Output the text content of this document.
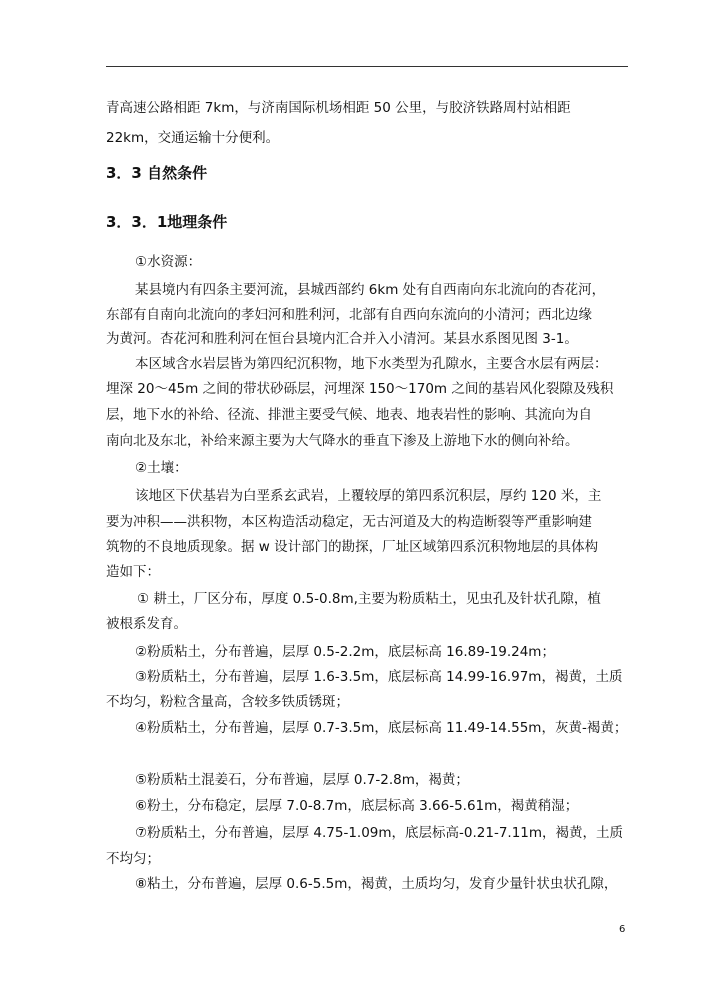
青高速公路相距 7km，与济南国际机场相距 50 公里，与胶济铁路周村站相距
22km，交通运输十分便利。
3．3 自然条件
3．3．1地理条件
①水资源：
某县境内有四条主要河流，县城西部约 6km 处有自西南向东北流向的杏花河，
东部有自南向北流向的孝妇河和胜利河，北部有自西向东流向的小清河；西北边缘
为黄河。杏花河和胜利河在恒台县境内汇合并入小清河。某县水系图见图 3-1。
本区域含水岩层皆为第四纪沉积物，地下水类型为孔隙水，主要含水层有两层：
埋深 20～45m 之间的带状砂砾层，河埋深 150～170m 之间的基岩风化裂隙及残积
层，地下水的补给、径流、排泄主要受气候、地表、地表岩性的影响、其流向为自
南向北及东北，补给来源主要为大气降水的垂直下渗及上游地下水的侧向补给。
②土壤：
该地区下伏基岩为白垩系玄武岩，上覆较厚的第四系沉积层，厚约 120 米，主
要为冲积——洪积物，本区构造活动稳定，无古河道及大的构造断裂等严重影响建
筑物的不良地质现象。据 w 设计部门的勘探，厂址区域第四系沉积物地层的具体构
造如下：
① 耕土，厂区分布，厚度 0.5-0.8m,主要为粉质粘土，见虫孔及针状孔隙，植
被根系发育。
②粉质粘土，分布普遍，层厚 0.5-2.2m，底层标高 16.89-19.24m；
③粉质粘土，分布普遍，层厚 1.6-3.5m，底层标高 14.99-16.97m，褐黄，土质
不均匀，粉粒含量高，含较多铁质锈斑；
④粉质粘土，分布普遍，层厚 0.7-3.5m，底层标高 11.49-14.55m，灰黄-褐黄；
⑤粉质粘土混姜石，分布普遍，层厚 0.7-2.8m，褐黄；
⑥粉土，分布稳定，层厚 7.0-8.7m，底层标高 3.66-5.61m，褐黄稍湿；
⑦粉质粘土，分布普遍，层厚 4.75-1.09m，底层标高-0.21-7.11m，褐黄，土质
不均匀；
⑧粘土，分布普遍，层厚 0.6-5.5m，褐黄，土质均匀，发育少量针状虫状孔隙，
6
